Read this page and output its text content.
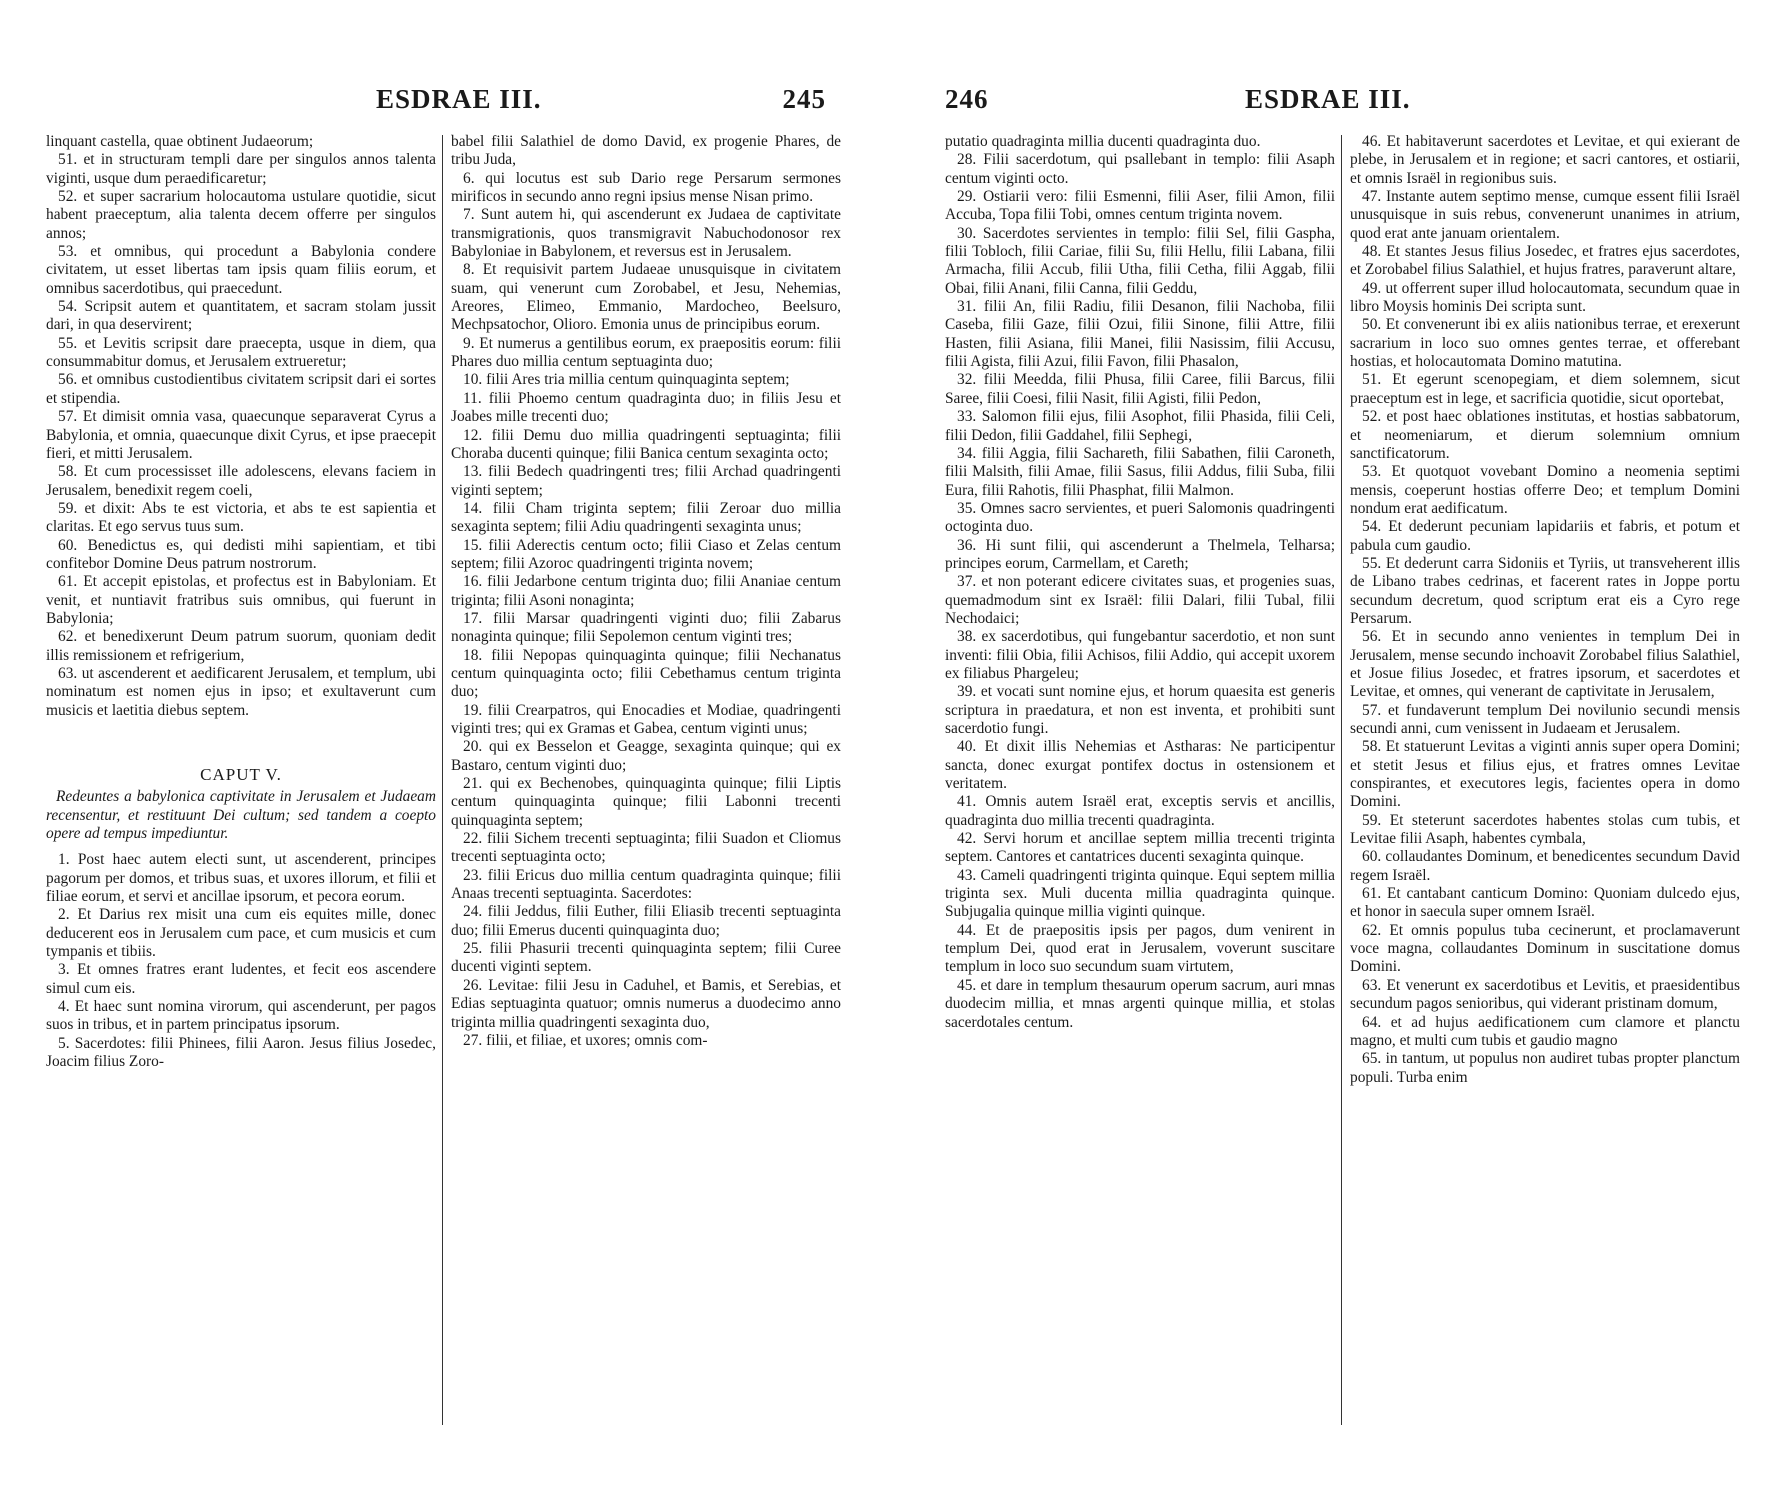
ESDRAE III.	245

linquant castella, quae obtinent Judaeorum;

51. et in structuram templi dare per singulos annos talenta viginti, usque dum peraedificaretur;

52. et super sacrarium holocautoma ustulare quotidie, sicut habent praeceptum, alia talenta decem offerre per singulos annos;

53. et omnibus, qui procedunt a Babylonia condere civitatem, ut esset libertas tam ipsis quam filiis eorum, et omnibus sacerdotibus, qui praecedunt.

54. Scripsit autem et quantitatem, et sacram stolam jussit dari, in qua deservirent;

55. et Levitis scripsit dare praecepta, usque in diem, qua consummabitur domus, et Jerusalem extrueretur;

56. et omnibus custodientibus civitatem scripsit dari ei sortes et stipendia.

57. Et dimisit omnia vasa, quaecunque separaverat Cyrus a Babylonia, et omnia, quaecunque dixit Cyrus, et ipse praecepit fieri, et mitti Jerusalem.

58. Et cum processisset ille adolescens, elevans faciem in Jerusalem, benedixit regem coeli,

59. et dixit: Abs te est victoria, et abs te est sapientia et claritas. Et ego servus tuus sum.

60. Benedictus es, qui dedisti mihi sapientiam, et tibi confitebor Domine Deus patrum nostrorum.

61. Et accepit epistolas, et profectus est in Babyloniam. Et venit, et nuntiavit fratribus suis omnibus, qui fuerunt in Babylonia;

62. et benedixerunt Deum patrum suorum, quoniam dedit illis remissionem et refrigerium,

63. ut ascenderent et aedificarent Jerusalem, et templum, ubi nominatum est nomen ejus in ipso; et exultaverunt cum musicis et laetitia diebus septem.

CAPUT V.

Redeuntes a babylonica captivitate in Jerusalem et Judaeam recensentur, et restituunt Dei cultum; sed tandem a coepto opere ad tempus impediuntur.

1. Post haec autem electi sunt, ut ascenderent, principes pagorum per domos, et tribus suas, et uxores illorum, et filii et filiae eorum, et servi et ancillae ipsorum, et pecora eorum.

2. Et Darius rex misit una cum eis equites mille, donec deducerent eos in Jerusalem cum pace, et cum musicis et cum tympanis et tibiis.

3. Et omnes fratres erant ludentes, et fecit eos ascendere simul cum eis.

4. Et haec sunt nomina virorum, qui ascenderunt, per pagos suos in tribus, et in partem principatus ipsorum.

5. Sacerdotes: filii Phinees, filii Aaron. Jesus filius Josedec, Joacim filius Zoro-

babel filii Salathiel de domo David, ex progenie Phares, de tribu Juda,

6. qui locutus est sub Dario rege Persarum sermones mirificos in secundo anno regni ipsius mense Nisan primo.

7. Sunt autem hi, qui ascenderunt ex Judaea de captivitate transmigrationis, quos transmigravit Nabuchodonosor rex Babyloniae in Babylonem, et reversus est in Jerusalem.

8. Et requisivit partem Judaeae unusquisque in civitatem suam, qui venerunt cum Zorobabel, et Jesu, Nehemias, Areores, Elimeo, Emmanio, Mardocheo, Beelsuro, Mechpsatochor, Olioro. Emonia unus de principibus eorum.

9. Et numerus a gentilibus eorum, ex praepositis eorum: filii Phares duo millia centum septuaginta duo;

10. filii Ares tria millia centum quinquaginta septem;

11. filii Phoemo centum quadraginta duo; in filiis Jesu et Joabes mille trecenti duo;

12. filii Demu duo millia quadringenti septuaginta; filii Choraba ducenti quinque; filii Banica centum sexaginta octo;

13. filii Bedech quadringenti tres; filii Archad quadringenti viginti septem;

14. filii Cham triginta septem; filii Zeroar duo millia sexaginta septem; filii Adiu quadringenti sexaginta unus;

15. filii Aderectis centum octo; filii Ciaso et Zelas centum septem; filii Azoroc quadringenti triginta novem;

16. filii Jedarbone centum triginta duo; filii Ananiae centum triginta; filii Asoni nonaginta;

17. filii Marsar quadringenti viginti duo; filii Zabarus nonaginta quinque; filii Sepolemon centum viginti tres;

18. filii Nepopas quinquaginta quinque; filii Nechanatus centum quinquaginta octo; filii Cebethamus centum triginta duo;

19. filii Crearpatros, qui Enocadies et Modiae, quadringenti viginti tres; qui ex Gramas et Gabea, centum viginti unus;

20. qui ex Besselon et Geagge, sexaginta quinque; qui ex Bastaro, centum viginti duo;

21. qui ex Bechenobes, quinquaginta quinque; filii Liptis centum quinquaginta quinque; filii Labonni trecenti quinquaginta septem;

22. filii Sichem trecenti septuaginta; filii Suadon et Cliomus trecenti septuaginta octo;

23. filii Ericus duo millia centum quadraginta quinque; filii Anaas trecenti septuaginta. Sacerdotes:

24. filii Jeddus, filii Euther, filii Eliasib trecenti septuaginta duo; filii Emerus ducenti quinquaginta duo;

25. filii Phasurii trecenti quinquaginta septem; filii Curee ducenti viginti septem.

26. Levitae: filii Jesu in Caduhel, et Bamis, et Serebias, et Edias septuaginta quatuor; omnis numerus a duodecimo anno triginta millia quadringenti sexaginta duo,

27. filii, et filiae, et uxores; omnis com-

246	ESDRAE III.

putatio quadraginta millia ducenti quadraginta duo.

28. Filii sacerdotum, qui psallebant in templo: filii Asaph centum viginti octo.

29. Ostiarii vero: filii Esmenni, filii Aser, filii Amon, filii Accuba, Topa filii Tobi, omnes centum triginta novem.

30. Sacerdotes servientes in templo: filii Sel, filii Gaspha, filii Tobloch, filii Cariae, filii Su, filii Hellu, filii Labana, filii Armacha, filii Accub, filii Utha, filii Cetha, filii Aggab, filii Obai, filii Anani, filii Canna, filii Geddu,

31. filii An, filii Radiu, filii Desanon, filii Nachoba, filii Caseba, filii Gaze, filii Ozui, filii Sinone, filii Attre, filii Hasten, filii Asiana, filii Manei, filii Nasissim, filii Accusu, filii Agista, filii Azui, filii Favon, filii Phasalon,

32. filii Meedda, filii Phusa, filii Caree, filii Barcus, filii Saree, filii Coesi, filii Nasit, filii Agisti, filii Pedon,

33. Salomon filii ejus, filii Asophot, filii Phasida, filii Celi, filii Dedon, filii Gaddahel, filii Sephegi,

34. filii Aggia, filii Sachareth, filii Sabathen, filii Caroneth, filii Malsith, filii Amae, filii Sasus, filii Addus, filii Suba, filii Eura, filii Rahotis, filii Phasphat, filii Malmon.

35. Omnes sacro servientes, et pueri Salomonis quadringenti octoginta duo.

36. Hi sunt filii, qui ascenderunt a Thelmela, Telharsa; principes eorum, Carmellam, et Careth;

37. et non poterant edicere civitates suas, et progenies suas, quemadmodum sint ex Israël: filii Dalari, filii Tubal, filii Nechodaici;

38. ex sacerdotibus, qui fungebantur sacerdotio, et non sunt inventi: filii Obia, filii Achisos, filii Addio, qui accepit uxorem ex filiabus Phargeleu;

39. et vocati sunt nomine ejus, et horum quaesita est generis scriptura in praedatura, et non est inventa, et prohibiti sunt sacerdotio fungi.

40. Et dixit illis Nehemias et Astharas: Ne participentur sancta, donec exurgat pontifex doctus in ostensionem et veritatem.

41. Omnis autem Israël erat, exceptis servis et ancillis, quadraginta duo millia trecenti quadraginta.

42. Servi horum et ancillae septem millia trecenti triginta septem. Cantores et cantatrices ducenti sexaginta quinque.

43. Cameli quadringenti triginta quinque. Equi septem millia triginta sex. Muli ducenta millia quadraginta quinque. Subjugalia quinque millia viginti quinque.

44. Et de praepositis ipsis per pagos, dum venirent in templum Dei, quod erat in Jerusalem, voverunt suscitare templum in loco suo secundum suam virtutem,

45. et dare in templum thesaurum operum sacrum, auri mnas duodecim millia, et mnas argenti quinque millia, et stolas sacerdotales centum.

46. Et habitaverunt sacerdotes et Levitae, et qui exierant de plebe, in Jerusalem et in regione; et sacri cantores, et ostiarii, et omnis Israël in regionibus suis.

47. Instante autem septimo mense, cumque essent filii Israël unusquisque in suis rebus, convenerunt unanimes in atrium, quod erat ante januam orientalem.

48. Et stantes Jesus filius Josedec, et fratres ejus sacerdotes, et Zorobabel filius Salathiel, et hujus fratres, paraverunt altare,

49. ut offerrent super illud holocautomata, secundum quae in libro Moysis hominis Dei scripta sunt.

50. Et convenerunt ibi ex aliis nationibus terrae, et erexerunt sacrarium in loco suo omnes gentes terrae, et offerebant hostias, et holocautomata Domino matutina.

51. Et egerunt scenopegiam, et diem solemnem, sicut praeceptum est in lege, et sacrificia quotidie, sicut oportebat,

52. et post haec oblationes institutas, et hostias sabbatorum, et neomeniarum, et dierum solemnium omnium sanctificatorum.

53. Et quotquot vovebant Domino a neomenia septimi mensis, coeperunt hostias offerre Deo; et templum Domini nondum erat aedificatum.

54. Et dederunt pecuniam lapidariis et fabris, et potum et pabula cum gaudio.

55. Et dederunt carra Sidoniis et Tyriis, ut transveherent illis de Libano trabes cedrinas, et facerent rates in Joppe portu secundum decretum, quod scriptum erat eis a Cyro rege Persarum.

56. Et in secundo anno venientes in templum Dei in Jerusalem, mense secundo inchoavit Zorobabel filius Salathiel, et Josue filius Josedec, et fratres ipsorum, et sacerdotes et Levitae, et omnes, qui venerant de captivitate in Jerusalem,

57. et fundaverunt templum Dei novilunio secundi mensis secundi anni, cum venissent in Judaeam et Jerusalem.

58. Et statuerunt Levitas a viginti annis super opera Domini; et stetit Jesus et filius ejus, et fratres omnes Levitae conspirantes, et executores legis, facientes opera in domo Domini.

59. Et steterunt sacerdotes habentes stolas cum tubis, et Levitae filii Asaph, habentes cymbala,

60. collaudantes Dominum, et benedicentes secundum David regem Israël.

61. Et cantabant canticum Domino: Quoniam dulcedo ejus, et honor in saecula super omnem Israël.

62. Et omnis populus tuba cecinerunt, et proclamaverunt voce magna, collaudantes Dominum in suscitatione domus Domini.

63. Et venerunt ex sacerdotibus et Levitis, et praesidentibus secundum pagos senioribus, qui viderant pristinam domum,

64. et ad hujus aedificationem cum clamore et planctu magno, et multi cum tubis et gaudio magno

65. in tantum, ut populus non audiret tubas propter planctum populi. Turba enim
